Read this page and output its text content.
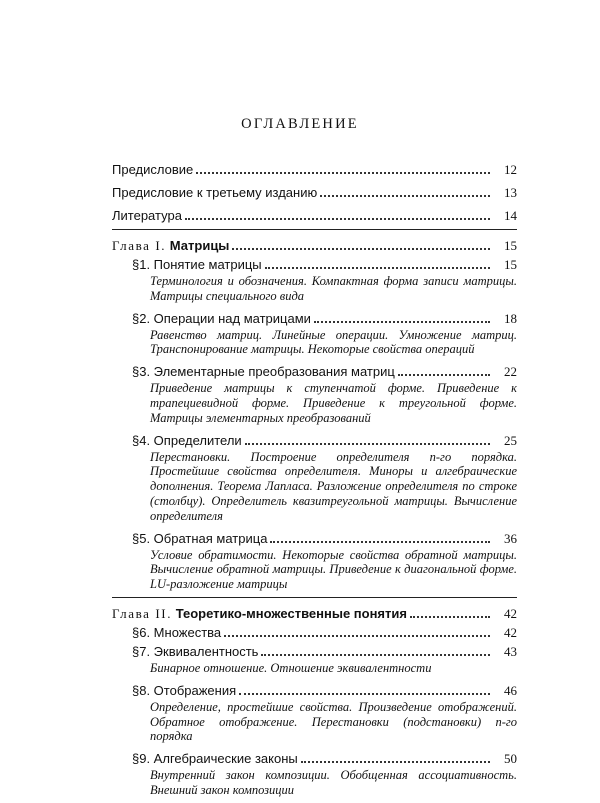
ОГЛАВЛЕНИЕ
Предисловие	12
Предисловие к третьему изданию	13
Литература	14
Глава I. Матрицы	15
§1. Понятие матрицы	15
Терминология и обозначения. Компактная форма записи матрицы. Матрицы специального вида
§2. Операции над матрицами	18
Равенство матриц. Линейные операции. Умножение матриц. Транспонирование матрицы. Некоторые свойства операций
§3. Элементарные преобразования матриц	22
Приведение матрицы к ступенчатой форме. Приведение к трапециевидной форме. Приведение к треугольной форме. Матрицы элементарных преобразований
§4. Определители	25
Перестановки. Построение определителя n-го порядка. Простейшие свойства определителя. Миноры и алгебраические дополнения. Теорема Лапласа. Разложение определителя по строке (столбцу). Определитель квазитреугольной матрицы. Вычисление определителя
§5. Обратная матрица	36
Условие обратимости. Некоторые свойства обратной матрицы. Вычисление обратной матрицы. Приведение к диагональной форме. LU-разложение матрицы
Глава II. Теоретико-множественные понятия	42
§6. Множества	42
§7. Эквивалентность	43
Бинарное отношение. Отношение эквивалентности
§8. Отображения	46
Определение, простейшие свойства. Произведение отображений. Обратное отображение. Перестановки (подстановки) n-го порядка
§9. Алгебраические законы	50
Внутренний закон композиции. Обобщенная ассоциативность. Внешний закон композиции
